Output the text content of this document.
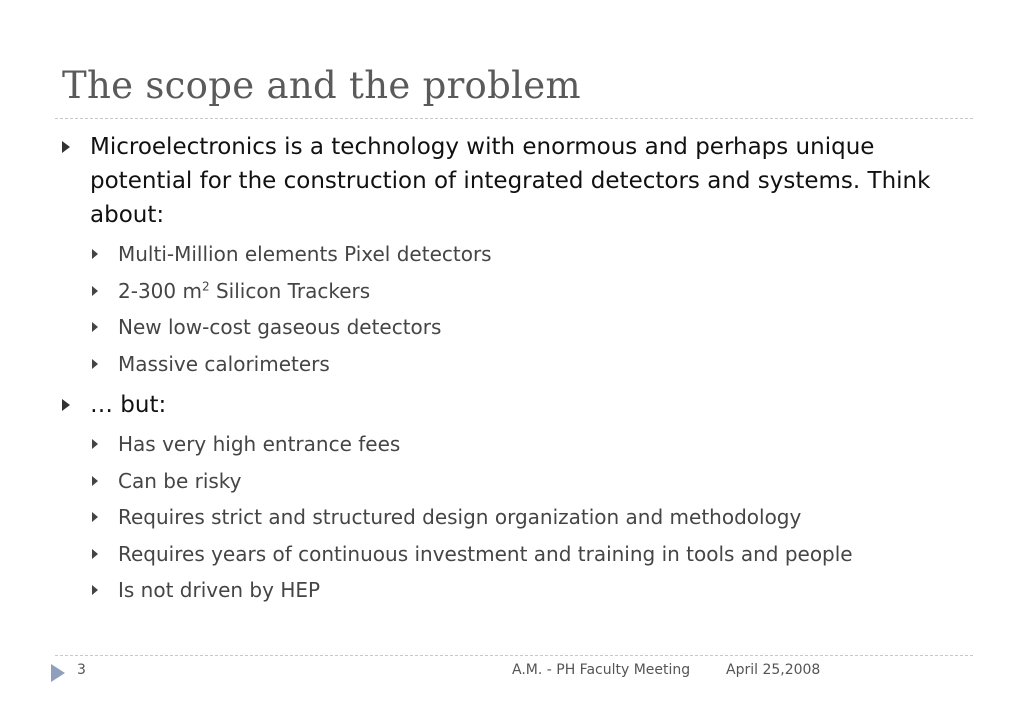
The scope and the problem
Microelectronics is a technology with enormous and perhaps unique potential for the construction of integrated detectors and systems. Think about:
Multi-Million elements Pixel detectors
2-300 $m^2$ Silicon Trackers
New low-cost gaseous detectors
Massive calorimeters
… but:
Has very high entrance fees
Can be risky
Requires strict and structured design organization and methodology
Requires years of continuous investment and training in tools and people
Is not driven by HEP
3	A.M. - PH Faculty Meeting	April 25,2008
